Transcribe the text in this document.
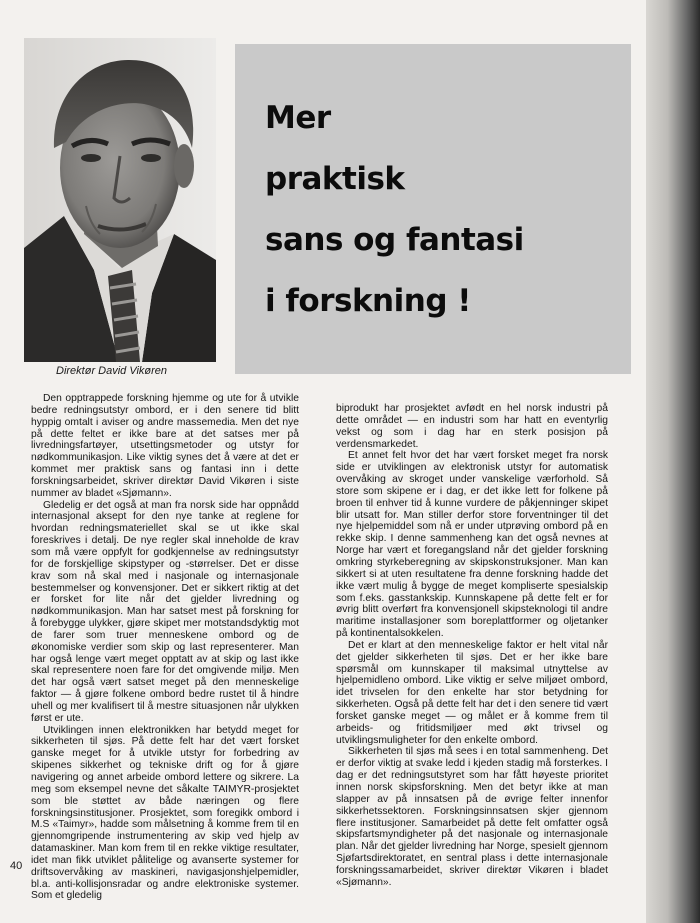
Direktør David Vikøren
Mer
praktisk
sans og fantasi
i forskning !

Den opptrappede forskning hjemme og ute for å utvikle bedre redningsutstyr ombord, er i den senere tid blitt hyppig omtalt i aviser og andre massemedia. Men det nye på dette feltet er ikke bare at det satses mer på livredningsfartøyer, utsettingsmetoder og utstyr for nødkommunikasjon. Like viktig synes det å være at det er kommet mer praktisk sans og fantasi inn i dette forskningsarbeidet, skriver direktør David Vikøren i siste nummer av bladet «Sjømann».

Gledelig er det også at man fra norsk side har oppnådd internasjonal aksept for den nye tanke at reglene for hvordan redningsmateriellet skal se ut ikke skal foreskrives i detalj. De nye regler skal inneholde de krav som må være oppfylt for godkjennelse av redningsutstyr for de forskjellige skipstyper og -størrelser. Det er disse krav som nå skal med i nasjonale og internasjonale bestemmelser og konvensjoner. Det er sikkert riktig at det er forsket for lite når det gjelder livredning og nødkommunikasjon. Man har satset mest på forskning for å forebygge ulykker, gjøre skipet mer motstandsdyktig mot de farer som truer menneskene ombord og de økonomiske verdier som skip og last representerer. Man har også lenge vært meget opptatt av at skip og last ikke skal representere noen fare for det omgivende miljø. Men det har også vært satset meget på den menneskelige faktor — å gjøre folkene ombord bedre rustet til å hindre uhell og mer kvalifisert til å mestre situasjonen når ulykken først er ute.

Utviklingen innen elektronikken har betydd meget for sikkerheten til sjøs. På dette felt har det vært forsket ganske meget for å utvikle utstyr for forbedring av skipenes sikkerhet og tekniske drift og for å gjøre navigering og annet arbeide ombord lettere og sikrere. La meg som eksempel nevne det såkalte TAIMYR-prosjektet som ble støttet av både næringen og flere forskningsinstitusjoner. Prosjektet, som foregikk ombord i M.S «Taimyr», hadde som målsetning å komme frem til en gjennomgripende instrumentering av skip ved hjelp av datamaskiner. Man kom frem til en rekke viktige resultater, idet man fikk utviklet pålitelige og avanserte systemer for driftsovervåking av maskineri, navigasjonshjelpemidler, bl.a. anti-kollisjonsradar og andre elektroniske systemer. Som et gledelig

biprodukt har prosjektet avfødt en hel norsk industri på dette området — en industri som har hatt en eventyrlig vekst og som i dag har en sterk posisjon på verdensmarkedet.

Et annet felt hvor det har vært forsket meget fra norsk side er utviklingen av elektronisk utstyr for automatisk overvåking av skroget under vanskelige værforhold. Så store som skipene er i dag, er det ikke lett for folkene på broen til enhver tid å kunne vurdere de påkjenninger skipet blir utsatt for. Man stiller derfor store forventninger til det nye hjelpemiddel som nå er under utprøving ombord på en rekke skip. I denne sammenheng kan det også nevnes at Norge har vært et foregangsland når det gjelder forskning omkring styrkeberegning av skipskonstruksjoner. Man kan sikkert si at uten resultatene fra denne forskning hadde det ikke vært mulig å bygge de meget kompliserte spesialskip som f.eks. gasstankskip. Kunnskapene på dette felt er for øvrig blitt overført fra konvensjonell skipsteknologi til andre maritime installasjoner som boreplattformer og oljetanker på kontinentalsokkelen.

Det er klart at den menneskelige faktor er helt vital når det gjelder sikkerheten til sjøs. Det er her ikke bare spørsmål om kunnskaper til maksimal utnyttelse av hjelpemidleno ombord. Like viktig er selve miljøet ombord, idet trivselen for den enkelte har stor betydning for sikkerheten. Også på dette felt har det i den senere tid vært forsket ganske meget — og målet er å komme frem til arbeids- og fritidsmiljøer med økt trivsel og utviklingsmuligheter for den enkelte ombord.

Sikkerheten til sjøs må sees i en total sammenheng. Det er derfor viktig at svake ledd i kjeden stadig må forsterkes. I dag er det redningsutstyret som har fått høyeste prioritet innen norsk skipsforskning. Men det betyr ikke at man slapper av på innsatsen på de øvrige felter innenfor sikkerhetssektoren. Forskningsinnsatsen skjer gjennom flere institusjoner. Samarbeidet på dette felt omfatter også skipsfartsmyndigheter på det nasjonale og internasjonale plan. Når det gjelder livredning har Norge, spesielt gjennom Sjøfartsdirektoratet, en sentral plass i dette internasjonale forskningssamarbeidet, skriver direktør Vikøren i bladet «Sjømann».

40
